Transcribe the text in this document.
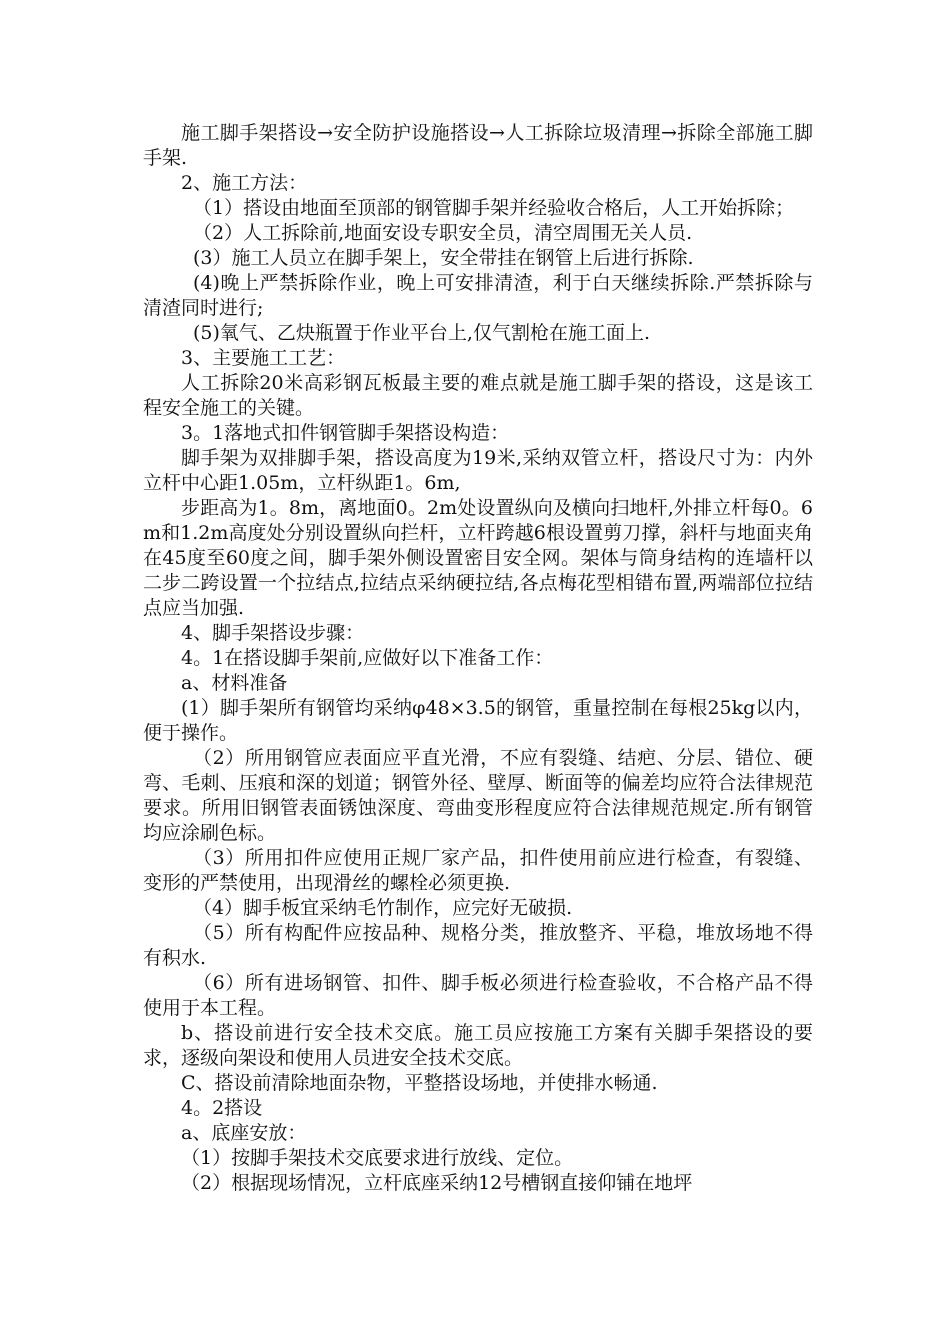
施工脚手架搭设→安全防护设施搭设→人工拆除垃圾清理→拆除全部施工脚手架.

2、施工方法：

（1）搭设由地面至顶部的钢管脚手架并经验收合格后，人工开始拆除；

（2）人工拆除前,地面安设专职安全员，清空周围无关人员.

(3）施工人员立在脚手架上，安全带挂在钢管上后进行拆除.

(4)晚上严禁拆除作业，晚上可安排清渣，利于白天继续拆除.严禁拆除与清渣同时进行;

(5)氧气、乙炔瓶置于作业平台上,仅气割枪在施工面上.

3、主要施工工艺：

人工拆除20米高彩钢瓦板最主要的难点就是施工脚手架的搭设，这是该工程安全施工的关键。

3。1落地式扣件钢管脚手架搭设构造：

脚手架为双排脚手架，搭设高度为19米,采纳双管立杆，搭设尺寸为：内外立杆中心距1.05m，立杆纵距1。6m,

步距高为1。8m，离地面0。2m处设置纵向及横向扫地杆,外排立杆每0。6m和1.2m高度处分别设置纵向拦杆，立杆跨越6根设置剪刀撑，斜杆与地面夹角在45度至60度之间，脚手架外侧设置密目安全网。架体与筒身结构的连墙杆以二步二跨设置一个拉结点,拉结点采纳硬拉结,各点梅花型相错布置,两端部位拉结点应当加强.

4、脚手架搭设步骤：

4。1在搭设脚手架前,应做好以下准备工作：

a、材料准备

(1）脚手架所有钢管均采纳φ48×3.5的钢管，重量控制在每根25kg以内，便于操作。

（2）所用钢管应表面应平直光滑，不应有裂缝、结疤、分层、错位、硬弯、毛刺、压痕和深的划道；钢管外径、壁厚、断面等的偏差均应符合法律规范要求。所用旧钢管表面锈蚀深度、弯曲变形程度应符合法律规范规定.所有钢管均应涂刷色标。

（3）所用扣件应使用正规厂家产品，扣件使用前应进行检查，有裂缝、变形的严禁使用，出现滑丝的螺栓必须更换.

（4）脚手板宜采纳毛竹制作，应完好无破损.

（5）所有构配件应按品种、规格分类，推放整齐、平稳，堆放场地不得有积水.

（6）所有进场钢管、扣件、脚手板必须进行检查验收，不合格产品不得使用于本工程。

b、搭设前进行安全技术交底。施工员应按施工方案有关脚手架搭设的要求，逐级向架设和使用人员进安全技术交底。

C、搭设前清除地面杂物，平整搭设场地，并使排水畅通.

4。2搭设

a、底座安放：

（1）按脚手架技术交底要求进行放线、定位。

（2）根据现场情况，立杆底座采纳12号槽钢直接仰铺在地坪
